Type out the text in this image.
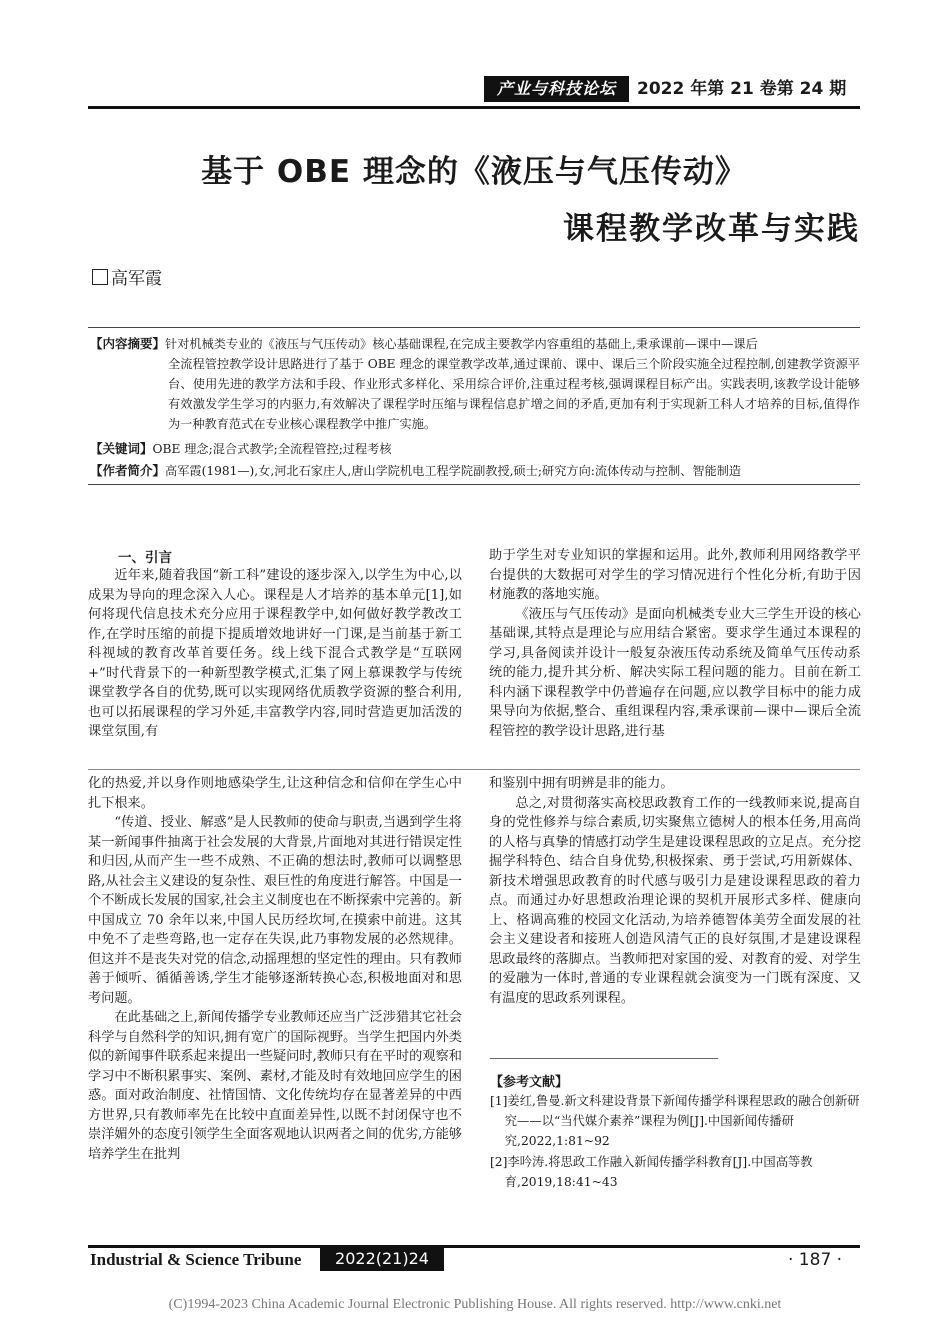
产业与科技论坛	2022 年第 21 卷第 24 期
基于 OBE 理念的《液压与气压传动》
课程教学改革与实践
高军霞
【内容摘要】针对机械类专业的《液压与气压传动》核心基础课程,在完成主要教学内容重组的基础上,秉承课前—课中—课后
全流程管控教学设计思路进行了基于 OBE 理念的课堂教学改革,通过课前、课中、课后三个阶段实施全过程控制,创建教学资源平台、使用先进的教学方法和手段、作业形式多样化、采用综合评价,注重过程考核,强调课程目标产出。实践表明,该教学设计能够有效激发学生学习的内驱力,有效解决了课程学时压缩与课程信息扩增之间的矛盾,更加有利于实现新工科人才培养的目标,值得作为一种教育范式在专业核心课程教学中推广实施。
【关键词】OBE 理念;混合式教学;全流程管控;过程考核
【作者简介】高军霞(1981—),女,河北石家庄人,唐山学院机电工程学院副教授,硕士;研究方向:流体传动与控制、智能制造
一、引言

近年来,随着我国“新工科”建设的逐步深入,以学生为中心,以成果为导向的理念深入人心。课程是人才培养的基本单元[1],如何将现代信息技术充分应用于课程教学中,如何做好教学教改工作,在学时压缩的前提下提质增效地讲好一门课,是当前基于新工科视域的教育改革首要任务。线上线下混合式教学是“互联网+”时代背景下的一种新型教学模式,汇集了网上慕课教学与传统课堂教学各自的优势,既可以实现网络优质教学资源的整合利用,也可以拓展课程的学习外延,丰富教学内容,同时营造更加活泼的课堂氛围,有

助于学生对专业知识的掌握和运用。此外,教师利用网络教学平台提供的大数据可对学生的学习情况进行个性化分析,有助于因材施教的落地实施。

《液压与气压传动》是面向机械类专业大三学生开设的核心基础课,其特点是理论与应用结合紧密。要求学生通过本课程的学习,具备阅读并设计一般复杂液压传动系统及简单气压传动系统的能力,提升其分析、解决实际工程问题的能力。目前在新工科内涵下课程教学中仍普遍存在问题,应以教学目标中的能力成果导向为依据,整合、重组课程内容,秉承课前—课中—课后全流程管控的教学设计思路,进行基

化的热爱,并以身作则地感染学生,让这种信念和信仰在学生心中扎下根来。

“传道、授业、解惑”是人民教师的使命与职责,当遇到学生将某一新闻事件抽离于社会发展的大背景,片面地对其进行错误定性和归因,从而产生一些不成熟、不正确的想法时,教师可以调整思路,从社会主义建设的复杂性、艰巨性的角度进行解答。中国是一个不断成长发展的国家,社会主义制度也在不断探索中完善的。新中国成立 70 余年以来,中国人民历经坎坷,在摸索中前进。这其中免不了走些弯路,也一定存在失误,此乃事物发展的必然规律。但这并不是丧失对党的信念,动摇理想的坚定性的理由。只有教师善于倾听、循循善诱,学生才能够逐渐转换心态,积极地面对和思考问题。

在此基础之上,新闻传播学专业教师还应当广泛涉猎其它社会科学与自然科学的知识,拥有宽广的国际视野。当学生把国内外类似的新闻事件联系起来提出一些疑问时,教师只有在平时的观察和学习中不断积累事实、案例、素材,才能及时有效地回应学生的困惑。面对政治制度、社情国情、文化传统均存在显著差异的中西方世界,只有教师率先在比较中直面差异性,以既不封闭保守也不崇洋媚外的态度引领学生全面客观地认识两者之间的优劣,方能够培养学生在批判

和鉴别中拥有明辨是非的能力。

总之,对贯彻落实高校思政教育工作的一线教师来说,提高自身的党性修养与综合素质,切实聚焦立德树人的根本任务,用高尚的人格与真挚的情感打动学生是建设课程思政的立足点。充分挖掘学科特色、结合自身优势,积极探索、勇于尝试,巧用新媒体、新技术增强思政教育的时代感与吸引力是建设课程思政的着力点。而通过办好思想政治理论课的契机开展形式多样、健康向上、格调高雅的校园文化活动,为培养德智体美劳全面发展的社会主义建设者和接班人创造风清气正的良好氛围,才是建设课程思政最终的落脚点。当教师把对家国的爱、对教育的爱、对学生的爱融为一体时,普通的专业课程就会演变为一门既有深度、又有温度的思政系列课程。

【参考文献】

[1]姜红,鲁曼.新文科建设背景下新闻传播学科课程思政的融合创新研究——以“当代媒介素养”课程为例[J].中国新闻传播研究,2022,1:81~92

[2]李吟涛.将思政工作融入新闻传播学科教育[J].中国高等教育,2019,18:41~43

Industrial & Science Tribune	2022(21)24	· 187 ·
(C)1994-2023 China Academic Journal Electronic Publishing House. All rights reserved. http://www.cnki.net
